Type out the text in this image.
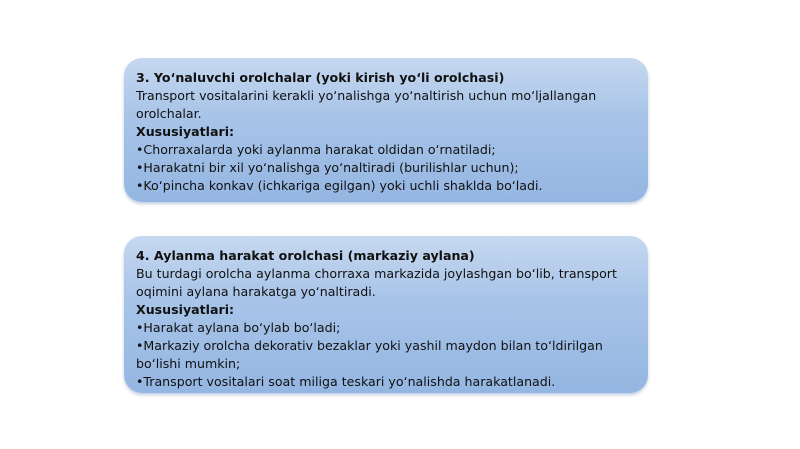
3. Yo‘naluvchi orolchalar (yoki kirish yo‘li orolchasi)
Transport vositalarini kerakli yo‘nalishga yo‘naltirish uchun mo‘ljallangan orolchalar.
Xususiyatlari:
•Chorraxalarda yoki aylanma harakat oldidan o‘rnatiladi;
•Harakatni bir xil yo‘nalishga yo‘naltiradi (burilishlar uchun);
•Ko‘pincha konkav (ichkariga egilgan) yoki uchli shaklda bo‘ladi.
4. Aylanma harakat orolchasi (markaziy aylana)
Bu turdagi orolcha aylanma chorraxa markazida joylashgan bo‘lib, transport oqimini aylana harakatga yo‘naltiradi.
Xususiyatlari:
•Harakat aylana bo‘ylab bo‘ladi;
•Markaziy orolcha dekorativ bezaklar yoki yashil maydon bilan to‘ldirilgan bo‘lishi mumkin;
•Transport vositalari soat miliga teskari yo‘nalishda harakatlanadi.
